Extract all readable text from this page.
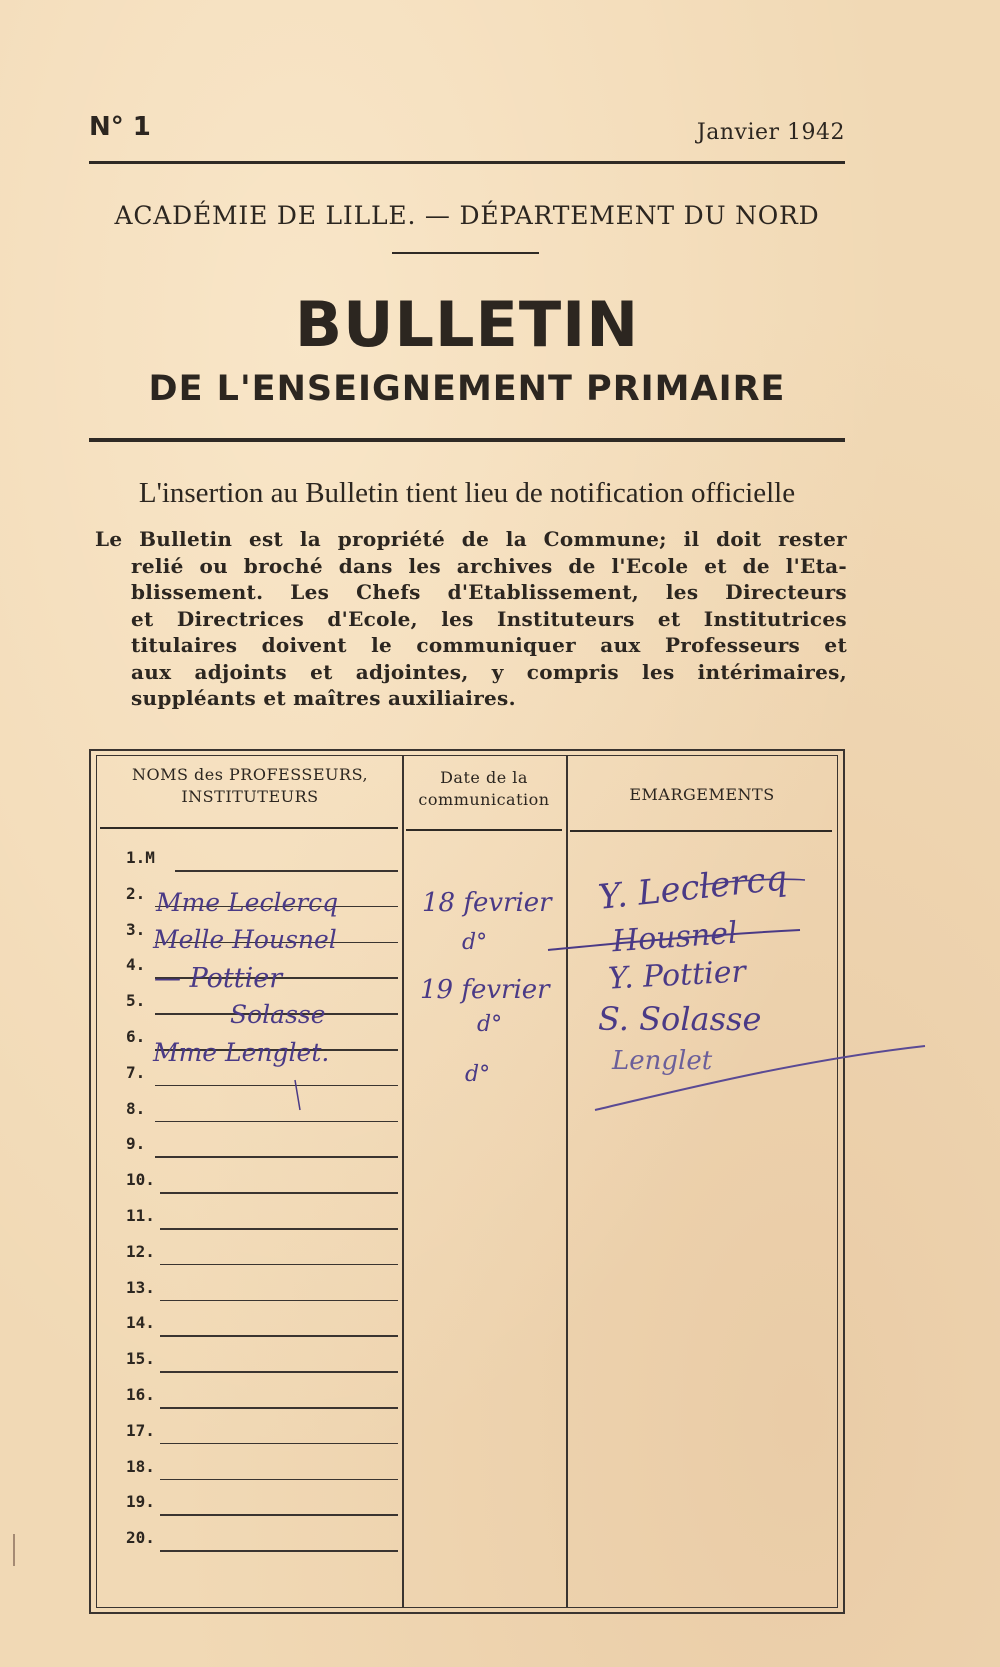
N° 1	Janvier 1942
ACADÉMIE DE LILLE. — DÉPARTEMENT DU NORD
BULLETIN
DE L'ENSEIGNEMENT PRIMAIRE
L'insertion au Bulletin tient lieu de notification officielle
Le Bulletin est la propriété de la Commune; il doit rester
relié ou broché dans les archives de l'Ecole et de l'Eta-
blissement. Les Chefs d'Etablissement, les Directeurs
et Directrices d'Ecole, les Instituteurs et Institutrices
titulaires doivent le communiquer aux Professeurs et
aux adjoints et adjointes, y compris les intérimaires,
suppléants et maîtres auxiliaires.
NOMS des PROFESSEURS,
INSTITUTEURS
Date de la
communication	EMARGEMENTS
1.M
2.
3.
4.
5.
6.
7.
8.
9.
10.
11.
12.
13.
14.
15.
16.
17.
18.
19.
20.
Mme Leclercq
Melle Housnel
— Pottier
Solasse
Mme Lenglet.
18 fevrier
d°
19 fevrier
d°
d°
Y. Leclercq
Housnel
Y. Pottier
S. Solasse
Lenglet
